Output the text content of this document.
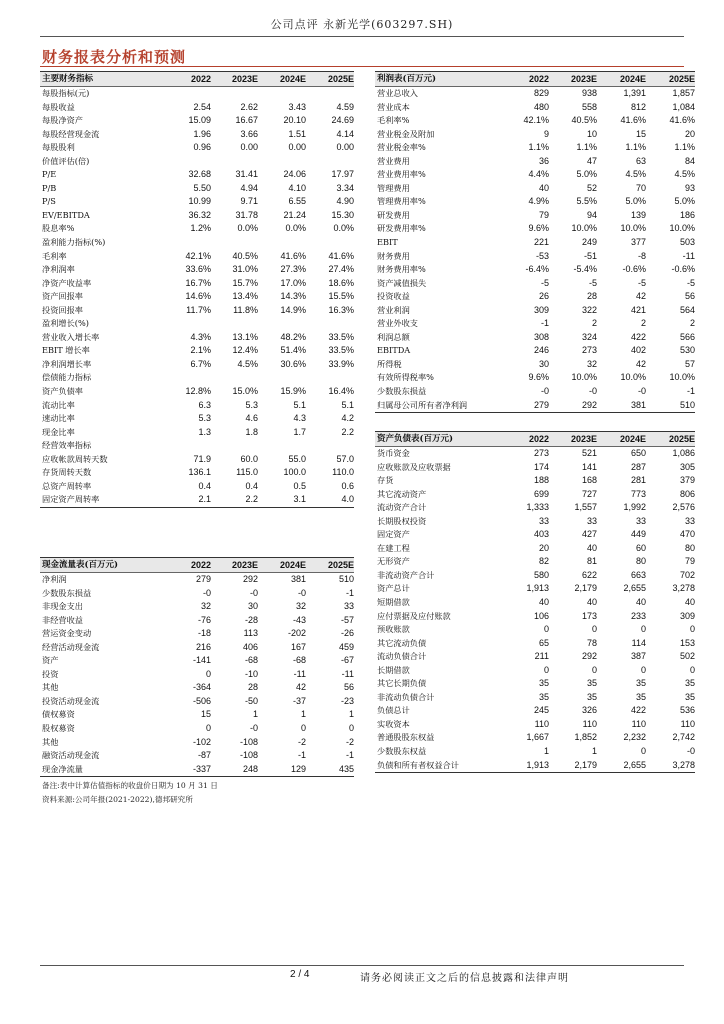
公司点评 永新光学(603297.SH)
财务报表分析和预测
主要财务指标	2022	2023E	2024E	2025E
每股指标(元)				
每股收益	2.54	2.62	3.43	4.59
每股净资产	15.09	16.67	20.10	24.69
每股经营现金流	1.96	3.66	1.51	4.14
每股股利	0.96	0.00	0.00	0.00
价值评估(倍)				
P/E	32.68	31.41	24.06	17.97
P/B	5.50	4.94	4.10	3.34
P/S	10.99	9.71	6.55	4.90
EV/EBITDA	36.32	31.78	21.24	15.30
股息率%	1.2%	0.0%	0.0%	0.0%
盈利能力指标(%)				
毛利率	42.1%	40.5%	41.6%	41.6%
净利润率	33.6%	31.0%	27.3%	27.4%
净资产收益率	16.7%	15.7%	17.0%	18.6%
资产回报率	14.6%	13.4%	14.3%	15.5%
投资回报率	11.7%	11.8%	14.9%	16.3%
盈利增长(%)				
营业收入增长率	4.3%	13.1%	48.2%	33.5%
EBIT 增长率	2.1%	12.4%	51.4%	33.5%
净利润增长率	6.7%	4.5%	30.6%	33.9%
偿债能力指标				
资产负债率	12.8%	15.0%	15.9%	16.4%
流动比率	6.3	5.3	5.1	5.1
速动比率	5.3	4.6	4.3	4.2
现金比率	1.3	1.8	1.7	2.2
经营效率指标				
应收帐款周转天数	71.9	60.0	55.0	57.0
存货周转天数	136.1	115.0	100.0	110.0
总资产周转率	0.4	0.4	0.5	0.6
固定资产周转率	2.1	2.2	3.1	4.0
利润表(百万元)	2022	2023E	2024E	2025E
营业总收入	829	938	1,391	1,857
营业成本	480	558	812	1,084
毛利率%	42.1%	40.5%	41.6%	41.6%
营业税金及附加	9	10	15	20
营业税金率%	1.1%	1.1%	1.1%	1.1%
营业费用	36	47	63	84
营业费用率%	4.4%	5.0%	4.5%	4.5%
管理费用	40	52	70	93
管理费用率%	4.9%	5.5%	5.0%	5.0%
研发费用	79	94	139	186
研发费用率%	9.6%	10.0%	10.0%	10.0%
EBIT	221	249	377	503
财务费用	-53	-51	-8	-11
财务费用率%	-6.4%	-5.4%	-0.6%	-0.6%
资产减值损失	-5	-5	-5	-5
投资收益	26	28	42	56
营业利润	309	322	421	564
营业外收支	-1	2	2	2
利润总额	308	324	422	566
EBITDA	246	273	402	530
所得税	30	32	42	57
有效所得税率%	9.6%	10.0%	10.0%	10.0%
少数股东损益	-0	-0	-0	-1
归属母公司所有者净利润	279	292	381	510
资产负债表(百万元)	2022	2023E	2024E	2025E
货币资金	273	521	650	1,086
应收账款及应收票据	174	141	287	305
存货	188	168	281	379
其它流动资产	699	727	773	806
流动资产合计	1,333	1,557	1,992	2,576
长期股权投资	33	33	33	33
固定资产	403	427	449	470
在建工程	20	40	60	80
无形资产	82	81	80	79
非流动资产合计	580	622	663	702
资产总计	1,913	2,179	2,655	3,278
短期借款	40	40	40	40
应付票据及应付账款	106	173	233	309
预收账款	0	0	0	0
其它流动负债	65	78	114	153
流动负债合计	211	292	387	502
长期借款	0	0	0	0
其它长期负债	35	35	35	35
非流动负债合计	35	35	35	35
负债总计	245	326	422	536
实收资本	110	110	110	110
普通股股东权益	1,667	1,852	2,232	2,742
少数股东权益	1	1	0	-0
负债和所有者权益合计	1,913	2,179	2,655	3,278
现金流量表(百万元)	2022	2023E	2024E	2025E
净利润	279	292	381	510
少数股东损益	-0	-0	-0	-1
非现金支出	32	30	32	33
非经营收益	-76	-28	-43	-57
营运资金变动	-18	113	-202	-26
经营活动现金流	216	406	167	459
资产	-141	-68	-68	-67
投资	0	-10	-11	-11
其他	-364	28	42	56
投资活动现金流	-506	-50	-37	-23
债权募资	15	1	1	1
股权募资	0	-0	0	0
其他	-102	-108	-2	-2
融资活动现金流	-87	-108	-1	-1
现金净流量	-337	248	129	435
备注:表中计算估值指标的收盘价日期为 10 月 31 日
资料来源:公司年报(2021-2022),德邦研究所
2 / 4	请务必阅读正文之后的信息披露和法律声明
